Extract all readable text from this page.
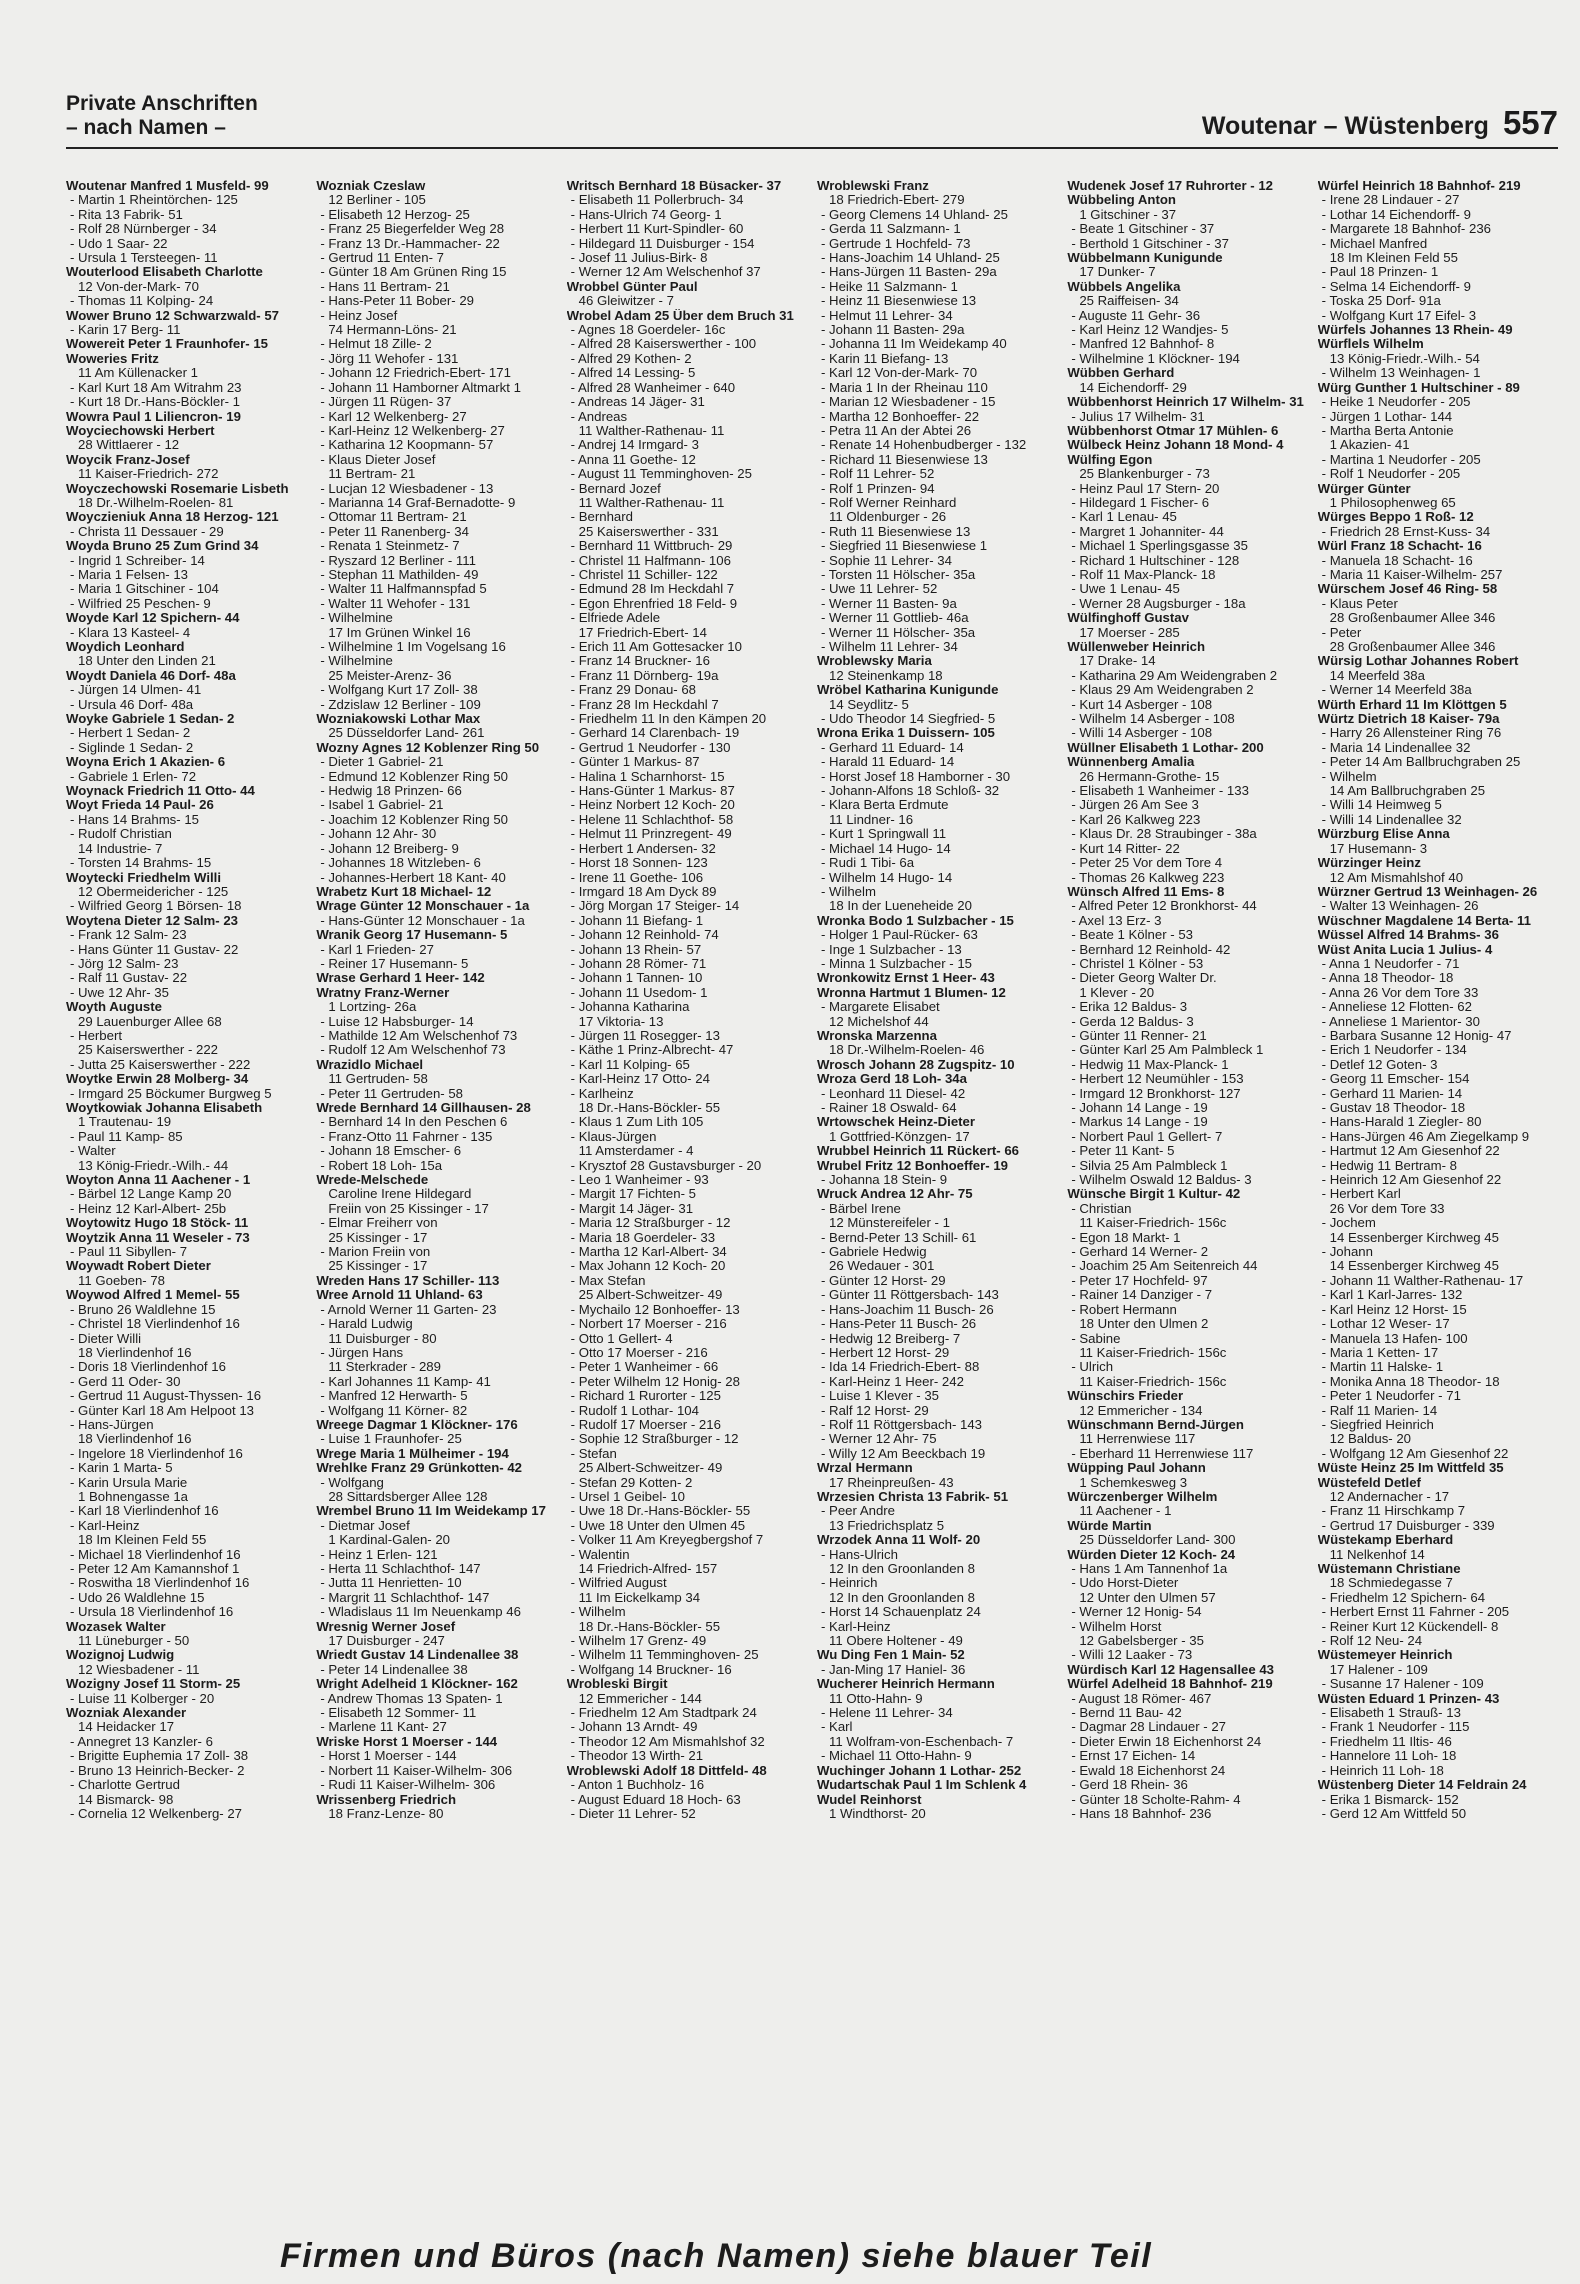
Private Anschriften
– nach Namen –	Woutenar – Wüstenberg 557
Woutenar Manfred 1 Musfeld- 99
- Martin 1 Rheintörchen- 125
- Rita 13 Fabrik- 51
- Rolf 28 Nürnberger - 34
- Udo 1 Saar- 22
- Ursula 1 Tersteegen- 11
Wouterlood Elisabeth Charlotte
12 Von-der-Mark- 70
- Thomas 11 Kolping- 24
Wower Bruno 12 Schwarzwald- 57
- Karin 17 Berg- 11
Wowereit Peter 1 Fraunhofer- 15
Woweries Fritz
11 Am Küllenacker 1
- Karl Kurt 18 Am Witrahm 23
- Kurt 18 Dr.-Hans-Böckler- 1
Wowra Paul 1 Liliencron- 19
Woyciechowski Herbert
28 Wittlaerer - 12
Woycik Franz-Josef
11 Kaiser-Friedrich- 272
Woyczechowski Rosemarie Lisbeth
18 Dr.-Wilhelm-Roelen- 81
Woyczieniuk Anna 18 Herzog- 121
- Christa 11 Dessauer - 29
Woyda Bruno 25 Zum Grind 34
- Ingrid 1 Schreiber- 14
- Maria 1 Felsen- 13
- Maria 1 Gitschiner - 104
- Wilfried 25 Peschen- 9
Woyde Karl 12 Spichern- 44
- Klara 13 Kasteel- 4
Woydich Leonhard
18 Unter den Linden 21
Woydt Daniela 46 Dorf- 48a
- Jürgen 14 Ulmen- 41
- Ursula 46 Dorf- 48a
Woyke Gabriele 1 Sedan- 2
- Herbert 1 Sedan- 2
- Siglinde 1 Sedan- 2
Woyna Erich 1 Akazien- 6
- Gabriele 1 Erlen- 72
Woynack Friedrich 11 Otto- 44
Woyt Frieda 14 Paul- 26
- Hans 14 Brahms- 15
- Rudolf Christian
14 Industrie- 7
- Torsten 14 Brahms- 15
Woytecki Friedhelm Willi
12 Obermeidericher - 125
- Wilfried Georg 1 Börsen- 18
Woytena Dieter 12 Salm- 23
- Frank 12 Salm- 23
- Hans Günter 11 Gustav- 22
- Jörg 12 Salm- 23
- Ralf 11 Gustav- 22
- Uwe 12 Ahr- 35
Woyth Auguste
29 Lauenburger Allee 68
- Herbert
25 Kaiserswerther - 222
- Jutta 25 Kaiserswerther - 222
Woytke Erwin 28 Molberg- 34
- Irmgard 25 Böckumer Burgweg 5
Woytkowiak Johanna Elisabeth
1 Trautenau- 19
- Paul 11 Kamp- 85
- Walter
13 König-Friedr.-Wilh.- 44
Woyton Anna 11 Aachener - 1
- Bärbel 12 Lange Kamp 20
- Heinz 12 Karl-Albert- 25b
Woytowitz Hugo 18 Stöck- 11
Woytzik Anna 11 Weseler - 73
- Paul 11 Sibyllen- 7
Woywadt Robert Dieter
11 Goeben- 78
Woywod Alfred 1 Memel- 55
- Bruno 26 Waldlehne 15
- Christel 18 Vierlindenhof 16
- Dieter Willi
18 Vierlindenhof 16
- Doris 18 Vierlindenhof 16
- Gerd 11 Oder- 30
- Gertrud 11 August-Thyssen- 16
- Günter Karl 18 Am Helpoot 13
- Hans-Jürgen
18 Vierlindenhof 16
- Ingelore 18 Vierlindenhof 16
- Karin 1 Marta- 5
- Karin Ursula Marie
1 Bohnengasse 1a
- Karl 18 Vierlindenhof 16
- Karl-Heinz
18 Im Kleinen Feld 55
- Michael 18 Vierlindenhof 16
- Peter 12 Am Kamannshof 1
- Roswitha 18 Vierlindenhof 16
- Udo 26 Waldlehne 15
- Ursula 18 Vierlindenhof 16
Wozasek Walter
11 Lüneburger - 50
Wozignoj Ludwig
12 Wiesbadener - 11
Wozigny Josef 11 Storm- 25
- Luise 11 Kolberger - 20
Wozniak Alexander
14 Heidacker 17
- Annegret 13 Kanzler- 6
- Brigitte Euphemia 17 Zoll- 38
- Bruno 13 Heinrich-Becker- 2
- Charlotte Gertrud
14 Bismarck- 98
- Cornelia 12 Welkenberg- 27
Wozniak Czeslaw
12 Berliner - 105
- Elisabeth 12 Herzog- 25
- Franz 25 Biegerfelder Weg 28
- Franz 13 Dr.-Hammacher- 22
- Gertrud 11 Enten- 7
- Günter 18 Am Grünen Ring 15
- Hans 11 Bertram- 21
- Hans-Peter 11 Bober- 29
- Heinz Josef
74 Hermann-Löns- 21
- Helmut 18 Zille- 2
- Jörg 11 Wehofer - 131
- Johann 12 Friedrich-Ebert- 171
- Johann 11 Hamborner Altmarkt 1
- Jürgen 11 Rügen- 37
- Karl 12 Welkenberg- 27
- Karl-Heinz 12 Welkenberg- 27
- Katharina 12 Koopmann- 57
- Klaus Dieter Josef
11 Bertram- 21
- Lucjan 12 Wiesbadener - 13
- Marianna 14 Graf-Bernadotte- 9
- Ottomar 11 Bertram- 21
- Peter 11 Ranenberg- 34
- Renata 1 Steinmetz- 7
- Ryszard 12 Berliner - 111
- Stephan 11 Mathilden- 49
- Walter 11 Halfmannspfad 5
- Walter 11 Wehofer - 131
- Wilhelmine
17 Im Grünen Winkel 16
- Wilhelmine 1 Im Vogelsang 16
- Wilhelmine
25 Meister-Arenz- 36
- Wolfgang Kurt 17 Zoll- 38
- Zdzislaw 12 Berliner - 109
Wozniakowski Lothar Max
25 Düsseldorfer Land- 261
Wozny Agnes 12 Koblenzer Ring 50
- Dieter 1 Gabriel- 21
- Edmund 12 Koblenzer Ring 50
- Hedwig 18 Prinzen- 66
- Isabel 1 Gabriel- 21
- Joachim 12 Koblenzer Ring 50
- Johann 12 Ahr- 30
- Johann 12 Breiberg- 9
- Johannes 18 Witzleben- 6
- Johannes-Herbert 18 Kant- 40
Wrabetz Kurt 18 Michael- 12
Wrage Günter 12 Monschauer - 1a
- Hans-Günter 12 Monschauer - 1a
Wranik Georg 17 Husemann- 5
- Karl 1 Frieden- 27
- Reiner 17 Husemann- 5
Wrase Gerhard 1 Heer- 142
Wratny Franz-Werner
1 Lortzing- 26a
- Luise 12 Habsburger- 14
- Mathilde 12 Am Welschenhof 73
- Rudolf 12 Am Welschenhof 73
Wrazidlo Michael
11 Gertruden- 58
- Peter 11 Gertruden- 58
Wrede Bernhard 14 Gillhausen- 28
- Bernhard 14 In den Peschen 6
- Franz-Otto 11 Fahrner - 135
- Johann 18 Emscher- 6
- Robert 18 Loh- 15a
Wrede-Melschede
Caroline Irene Hildegard
Freiin von 25 Kissinger - 17
- Elmar Freiherr von
25 Kissinger - 17
- Marion Freiin von
25 Kissinger - 17
Wreden Hans 17 Schiller- 113
Wree Arnold 11 Uhland- 63
- Arnold Werner 11 Garten- 23
- Harald Ludwig
11 Duisburger - 80
- Jürgen Hans
11 Sterkrader - 289
- Karl Johannes 11 Kamp- 41
- Manfred 12 Herwarth- 5
- Wolfgang 11 Körner- 82
Wreege Dagmar 1 Klöckner- 176
- Luise 1 Fraunhofer- 25
Wrege Maria 1 Mülheimer - 194
Wrehlke Franz 29 Grünkotten- 42
- Wolfgang
28 Sittardsberger Allee 128
Wrembel Bruno 11 Im Weidekamp 17
- Dietmar Josef
1 Kardinal-Galen- 20
- Heinz 1 Erlen- 121
- Herta 11 Schlachthof- 147
- Jutta 11 Henrietten- 10
- Margrit 11 Schlachthof- 147
- Wladislaus 11 Im Neuenkamp 46
Wresnig Werner Josef
17 Duisburger - 247
Wriedt Gustav 14 Lindenallee 38
- Peter 14 Lindenallee 38
Wright Adelheid 1 Klöckner- 162
- Andrew Thomas 13 Spaten- 1
- Elisabeth 12 Sommer- 11
- Marlene 11 Kant- 27
Wriske Horst 1 Moerser - 144
- Horst 1 Moerser - 144
- Norbert 11 Kaiser-Wilhelm- 306
- Rudi 11 Kaiser-Wilhelm- 306
Wrissenberg Friedrich
18 Franz-Lenze- 80
Writsch Bernhard 18 Büsacker- 37
- Elisabeth 11 Pollerbruch- 34
- Hans-Ulrich 74 Georg- 1
- Herbert 11 Kurt-Spindler- 60
- Hildegard 11 Duisburger - 154
- Josef 11 Julius-Birk- 8
- Werner 12 Am Welschenhof 37
Wrobbel Günter Paul
46 Gleiwitzer - 7
Wrobel Adam 25 Über dem Bruch 31
- Agnes 18 Goerdeler- 16c
- Alfred 28 Kaiserswerther - 100
- Alfred 29 Kothen- 2
- Alfred 14 Lessing- 5
- Alfred 28 Wanheimer - 640
- Andreas 14 Jäger- 31
- Andreas
11 Walther-Rathenau- 11
- Andrej 14 Irmgard- 3
- Anna 11 Goethe- 12
- August 11 Temminghoven- 25
- Bernard Jozef
11 Walther-Rathenau- 11
- Bernhard
25 Kaiserswerther - 331
- Bernhard 11 Wittbruch- 29
- Christel 11 Halfmann- 106
- Christel 11 Schiller- 122
- Edmund 28 Im Heckdahl 7
- Egon Ehrenfried 18 Feld- 9
- Elfriede Adele
17 Friedrich-Ebert- 14
- Erich 11 Am Gottesacker 10
- Franz 14 Bruckner- 16
- Franz 11 Dörnberg- 19a
- Franz 29 Donau- 68
- Franz 28 Im Heckdahl 7
- Friedhelm 11 In den Kämpen 20
- Gerhard 14 Clarenbach- 19
- Gertrud 1 Neudorfer - 130
- Günter 1 Markus- 87
- Halina 1 Scharnhorst- 15
- Hans-Günter 1 Markus- 87
- Heinz Norbert 12 Koch- 20
- Helene 11 Schlachthof- 58
- Helmut 11 Prinzregent- 49
- Herbert 1 Andersen- 32
- Horst 18 Sonnen- 123
- Irene 11 Goethe- 106
- Irmgard 18 Am Dyck 89
- Jörg Morgan 17 Steiger- 14
- Johann 11 Biefang- 1
- Johann 12 Reinhold- 74
- Johann 13 Rhein- 57
- Johann 28 Römer- 71
- Johann 1 Tannen- 10
- Johann 11 Usedom- 1
- Johanna Katharina
17 Viktoria- 13
- Jürgen 11 Rosegger- 13
- Käthe 1 Prinz-Albrecht- 47
- Karl 11 Kolping- 65
- Karl-Heinz 17 Otto- 24
- Karlheinz
18 Dr.-Hans-Böckler- 55
- Klaus 1 Zum Lith 105
- Klaus-Jürgen
11 Amsterdamer - 4
- Krysztof 28 Gustavsburger - 20
- Leo 1 Wanheimer - 93
- Margit 17 Fichten- 5
- Margit 14 Jäger- 31
- Maria 12 Straßburger - 12
- Maria 18 Goerdeler- 33
- Martha 12 Karl-Albert- 34
- Max Johann 12 Koch- 20
- Max Stefan
25 Albert-Schweitzer- 49
- Mychailo 12 Bonhoeffer- 13
- Norbert 17 Moerser - 216
- Otto 1 Gellert- 4
- Otto 17 Moerser - 216
- Peter 1 Wanheimer - 66
- Peter Wilhelm 12 Honig- 28
- Richard 1 Rurorter - 125
- Rudolf 1 Lothar- 104
- Rudolf 17 Moerser - 216
- Sophie 12 Straßburger - 12
- Stefan
25 Albert-Schweitzer- 49
- Stefan 29 Kotten- 2
- Ursel 1 Geibel- 10
- Uwe 18 Dr.-Hans-Böckler- 55
- Uwe 18 Unter den Ulmen 45
- Volker 11 Am Kreyegbergshof 7
- Walentin
14 Friedrich-Alfred- 157
- Wilfried August
11 Im Eickelkamp 34
- Wilhelm
18 Dr.-Hans-Böckler- 55
- Wilhelm 17 Grenz- 49
- Wilhelm 11 Temminghoven- 25
- Wolfgang 14 Bruckner- 16
Wrobleski Birgit
12 Emmericher - 144
- Friedhelm 12 Am Stadtpark 24
- Johann 13 Arndt- 49
- Theodor 12 Am Mismahlshof 32
- Theodor 13 Wirth- 21
Wroblewski Adolf 18 Dittfeld- 48
- Anton 1 Buchholz- 16
- August Eduard 18 Hoch- 63
- Dieter 11 Lehrer- 52
Wroblewski Franz
18 Friedrich-Ebert- 279
- Georg Clemens 14 Uhland- 25
- Gerda 11 Salzmann- 1
- Gertrude 1 Hochfeld- 73
- Hans-Joachim 14 Uhland- 25
- Hans-Jürgen 11 Basten- 29a
- Heike 11 Salzmann- 1
- Heinz 11 Biesenwiese 13
- Helmut 11 Lehrer- 34
- Johann 11 Basten- 29a
- Johanna 11 Im Weidekamp 40
- Karin 11 Biefang- 13
- Karl 12 Von-der-Mark- 70
- Maria 1 In der Rheinau 110
- Marian 12 Wiesbadener - 15
- Martha 12 Bonhoeffer- 22
- Petra 11 An der Abtei 26
- Renate 14 Hohenbudberger - 132
- Richard 11 Biesenwiese 13
- Rolf 11 Lehrer- 52
- Rolf 1 Prinzen- 94
- Rolf Werner Reinhard
11 Oldenburger - 26
- Ruth 11 Biesenwiese 13
- Siegfried 11 Biesenwiese 1
- Sophie 11 Lehrer- 34
- Torsten 11 Hölscher- 35a
- Uwe 11 Lehrer- 52
- Werner 11 Basten- 9a
- Werner 11 Gottlieb- 46a
- Werner 11 Hölscher- 35a
- Wilhelm 11 Lehrer- 34
Wroblewsky Maria
12 Steinenkamp 18
Wröbel Katharina Kunigunde
14 Seydlitz- 5
- Udo Theodor 14 Siegfried- 5
Wrona Erika 1 Duissern- 105
- Gerhard 11 Eduard- 14
- Harald 11 Eduard- 14
- Horst Josef 18 Hamborner - 30
- Johann-Alfons 18 Schloß- 32
- Klara Berta Erdmute
11 Lindner- 16
- Kurt 1 Springwall 11
- Michael 14 Hugo- 14
- Rudi 1 Tibi- 6a
- Wilhelm 14 Hugo- 14
- Wilhelm
18 In der Lueneheide 20
Wronka Bodo 1 Sulzbacher - 15
- Holger 1 Paul-Rücker- 63
- Inge 1 Sulzbacher - 13
- Minna 1 Sulzbacher - 15
Wronkowitz Ernst 1 Heer- 43
Wronna Hartmut 1 Blumen- 12
- Margarete Elisabet
12 Michelshof 44
Wronska Marzenna
18 Dr.-Wilhelm-Roelen- 46
Wrosch Johann 28 Zugspitz- 10
Wroza Gerd 18 Loh- 34a
- Leonhard 11 Diesel- 42
- Rainer 18 Oswald- 64
Wrtowschek Heinz-Dieter
1 Gottfried-Könzgen- 17
Wrubbel Heinrich 11 Rückert- 66
Wrubel Fritz 12 Bonhoeffer- 19
- Johanna 18 Stein- 9
Wruck Andrea 12 Ahr- 75
- Bärbel Irene
12 Münstereifeler - 1
- Bernd-Peter 13 Schill- 61
- Gabriele Hedwig
26 Wedauer - 301
- Günter 12 Horst- 29
- Günter 11 Röttgersbach- 143
- Hans-Joachim 11 Busch- 26
- Hans-Peter 11 Busch- 26
- Hedwig 12 Breiberg- 7
- Herbert 12 Horst- 29
- Ida 14 Friedrich-Ebert- 88
- Karl-Heinz 1 Heer- 242
- Luise 1 Klever - 35
- Ralf 12 Horst- 29
- Rolf 11 Röttgersbach- 143
- Werner 12 Ahr- 75
- Willy 12 Am Beeckbach 19
Wrzal Hermann
17 Rheinpreußen- 43
Wrzesien Christa 13 Fabrik- 51
- Peer Andre
13 Friedrichsplatz 5
Wrzodek Anna 11 Wolf- 20
- Hans-Ulrich
12 In den Groonlanden 8
- Heinrich
12 In den Groonlanden 8
- Horst 14 Schauenplatz 24
- Karl-Heinz
11 Obere Holtener - 49
Wu Ding Fen 1 Main- 52
- Jan-Ming 17 Haniel- 36
Wucherer Heinrich Hermann
11 Otto-Hahn- 9
- Helene 11 Lehrer- 34
- Karl
11 Wolfram-von-Eschenbach- 7
- Michael 11 Otto-Hahn- 9
Wuchinger Johann 1 Lothar- 252
Wudartschak Paul 1 Im Schlenk 4
Wudel Reinhorst
1 Windthorst- 20
Wudenek Josef 17 Ruhrorter - 12
Wübbeling Anton
1 Gitschiner - 37
- Beate 1 Gitschiner - 37
- Berthold 1 Gitschiner - 37
Wübbelmann Kunigunde
17 Dunker- 7
Wübbels Angelika
25 Raiffeisen- 34
- Auguste 11 Gehr- 36
- Karl Heinz 12 Wandjes- 5
- Manfred 12 Bahnhof- 8
- Wilhelmine 1 Klöckner- 194
Wübben Gerhard
14 Eichendorff- 29
Wübbenhorst Heinrich 17 Wilhelm- 31
- Julius 17 Wilhelm- 31
Wübbenhorst Otmar 17 Mühlen- 6
Wülbeck Heinz Johann 18 Mond- 4
Wülfing Egon
25 Blankenburger - 73
- Heinz Paul 17 Stern- 20
- Hildegard 1 Fischer- 6
- Karl 1 Lenau- 45
- Margret 1 Johanniter- 44
- Michael 1 Sperlingsgasse 35
- Richard 1 Hultschiner - 128
- Rolf 11 Max-Planck- 18
- Uwe 1 Lenau- 45
- Werner 28 Augsburger - 18a
Wülfinghoff Gustav
17 Moerser - 285
Wüllenweber Heinrich
17 Drake- 14
- Katharina 29 Am Weidengraben 2
- Klaus 29 Am Weidengraben 2
- Kurt 14 Asberger - 108
- Wilhelm 14 Asberger - 108
- Willi 14 Asberger - 108
Wüllner Elisabeth 1 Lothar- 200
Wünnenberg Amalia
26 Hermann-Grothe- 15
- Elisabeth 1 Wanheimer - 133
- Jürgen 26 Am See 3
- Karl 26 Kalkweg 223
- Klaus Dr. 28 Straubinger - 38a
- Kurt 14 Ritter- 22
- Peter 25 Vor dem Tore 4
- Thomas 26 Kalkweg 223
Wünsch Alfred 11 Ems- 8
- Alfred Peter 12 Bronkhorst- 44
- Axel 13 Erz- 3
- Beate 1 Kölner - 53
- Bernhard 12 Reinhold- 42
- Christel 1 Kölner - 53
- Dieter Georg Walter Dr.
1 Klever - 20
- Erika 12 Baldus- 3
- Gerda 12 Baldus- 3
- Günter 11 Renner- 21
- Günter Karl 25 Am Palmbleck 1
- Hedwig 11 Max-Planck- 1
- Herbert 12 Neumühler - 153
- Irmgard 12 Bronkhorst- 127
- Johann 14 Lange - 19
- Markus 14 Lange - 19
- Norbert Paul 1 Gellert- 7
- Peter 11 Kant- 5
- Silvia 25 Am Palmbleck 1
- Wilhelm Oswald 12 Baldus- 3
Wünsche Birgit 1 Kultur- 42
- Christian
11 Kaiser-Friedrich- 156c
- Egon 18 Markt- 1
- Gerhard 14 Werner- 2
- Joachim 25 Am Seitenreich 44
- Peter 17 Hochfeld- 97
- Rainer 14 Danziger - 7
- Robert Hermann
18 Unter den Ulmen 2
- Sabine
11 Kaiser-Friedrich- 156c
- Ulrich
11 Kaiser-Friedrich- 156c
Wünschirs Frieder
12 Emmericher - 134
Wünschmann Bernd-Jürgen
11 Herrenwiese 117
- Eberhard 11 Herrenwiese 117
Wüpping Paul Johann
1 Schemkesweg 3
Würczenberger Wilhelm
11 Aachener - 1
Würde Martin
25 Düsseldorfer Land- 300
Würden Dieter 12 Koch- 24
- Hans 1 Am Tannenhof 1a
- Udo Horst-Dieter
12 Unter den Ulmen 57
- Werner 12 Honig- 54
- Wilhelm Horst
12 Gabelsberger - 35
- Willi 12 Laaker - 73
Würdisch Karl 12 Hagensallee 43
Würfel Adelheid 18 Bahnhof- 219
- August 18 Römer- 467
- Bernd 11 Bau- 42
- Dagmar 28 Lindauer - 27
- Dieter Erwin 18 Eichenhorst 24
- Ernst 17 Eichen- 14
- Ewald 18 Eichenhorst 24
- Gerd 18 Rhein- 36
- Günter 18 Scholte-Rahm- 4
- Hans 18 Bahnhof- 236
Würfel Heinrich 18 Bahnhof- 219
- Irene 28 Lindauer - 27
- Lothar 14 Eichendorff- 9
- Margarete 18 Bahnhof- 236
- Michael Manfred
18 Im Kleinen Feld 55
- Paul 18 Prinzen- 1
- Selma 14 Eichendorff- 9
- Toska 25 Dorf- 91a
- Wolfgang Kurt 17 Eifel- 3
Würfels Johannes 13 Rhein- 49
Würflels Wilhelm
13 König-Friedr.-Wilh.- 54
- Wilhelm 13 Weinhagen- 1
Würg Gunther 1 Hultschiner - 89
- Heike 1 Neudorfer - 205
- Jürgen 1 Lothar- 144
- Martha Berta Antonie
1 Akazien- 41
- Martina 1 Neudorfer - 205
- Rolf 1 Neudorfer - 205
Würger Günter
1 Philosophenweg 65
Würges Beppo 1 Roß- 12
- Friedrich 28 Ernst-Kuss- 34
Würl Franz 18 Schacht- 16
- Manuela 18 Schacht- 16
- Maria 11 Kaiser-Wilhelm- 257
Würschem Josef 46 Ring- 58
- Klaus Peter
28 Großenbaumer Allee 346
- Peter
28 Großenbaumer Allee 346
Würsig Lothar Johannes Robert
14 Meerfeld 38a
- Werner 14 Meerfeld 38a
Würth Erhard 11 Im Klöttgen 5
Würtz Dietrich 18 Kaiser- 79a
- Harry 26 Allensteiner Ring 76
- Maria 14 Lindenallee 32
- Peter 14 Am Ballbruchgraben 25
- Wilhelm
14 Am Ballbruchgraben 25
- Willi 14 Heimweg 5
- Willi 14 Lindenallee 32
Würzburg Elise Anna
17 Husemann- 3
Würzinger Heinz
12 Am Mismahlshof 40
Würzner Gertrud 13 Weinhagen- 26
- Walter 13 Weinhagen- 26
Wüschner Magdalene 14 Berta- 11
Wüssel Alfred 14 Brahms- 36
Wüst Anita Lucia 1 Julius- 4
- Anna 1 Neudorfer - 71
- Anna 18 Theodor- 18
- Anna 26 Vor dem Tore 33
- Anneliese 12 Flotten- 62
- Anneliese 1 Marientor- 30
- Barbara Susanne 12 Honig- 47
- Erich 1 Neudorfer - 134
- Detlef 12 Goten- 3
- Georg 11 Emscher- 154
- Gerhard 11 Marien- 14
- Gustav 18 Theodor- 18
- Hans-Harald 1 Ziegler- 80
- Hans-Jürgen 46 Am Ziegelkamp 9
- Hartmut 12 Am Giesenhof 22
- Hedwig 11 Bertram- 8
- Heinrich 12 Am Giesenhof 22
- Herbert Karl
26 Vor dem Tore 33
- Jochem
14 Essenberger Kirchweg 45
- Johann
14 Essenberger Kirchweg 45
- Johann 11 Walther-Rathenau- 17
- Karl 1 Karl-Jarres- 132
- Karl Heinz 12 Horst- 15
- Lothar 12 Weser- 17
- Manuela 13 Hafen- 100
- Maria 1 Ketten- 17
- Martin 11 Halske- 1
- Monika Anna 18 Theodor- 18
- Peter 1 Neudorfer - 71
- Ralf 11 Marien- 14
- Siegfried Heinrich
12 Baldus- 20
- Wolfgang 12 Am Giesenhof 22
Wüste Heinz 25 Im Wittfeld 35
Wüstefeld Detlef
12 Andernacher - 17
- Franz 11 Hirschkamp 7
- Gertrud 17 Duisburger - 339
Wüstekamp Eberhard
11 Nelkenhof 14
Wüstemann Christiane
18 Schmiedegasse 7
- Friedhelm 12 Spichern- 64
- Herbert Ernst 11 Fahrner - 205
- Reiner Kurt 12 Kückendell- 8
- Rolf 12 Neu- 24
Wüstemeyer Heinrich
17 Halener - 109
- Susanne 17 Halener - 109
Wüsten Eduard 1 Prinzen- 43
- Elisabeth 1 Strauß- 13
- Frank 1 Neudorfer - 115
- Friedhelm 11 Iltis- 46
- Hannelore 11 Loh- 18
- Heinrich 11 Loh- 18
Wüstenberg Dieter 14 Feldrain 24
- Erika 1 Bismarck- 152
- Gerd 12 Am Wittfeld 50
Firmen und Büros (nach Namen) siehe blauer Teil
